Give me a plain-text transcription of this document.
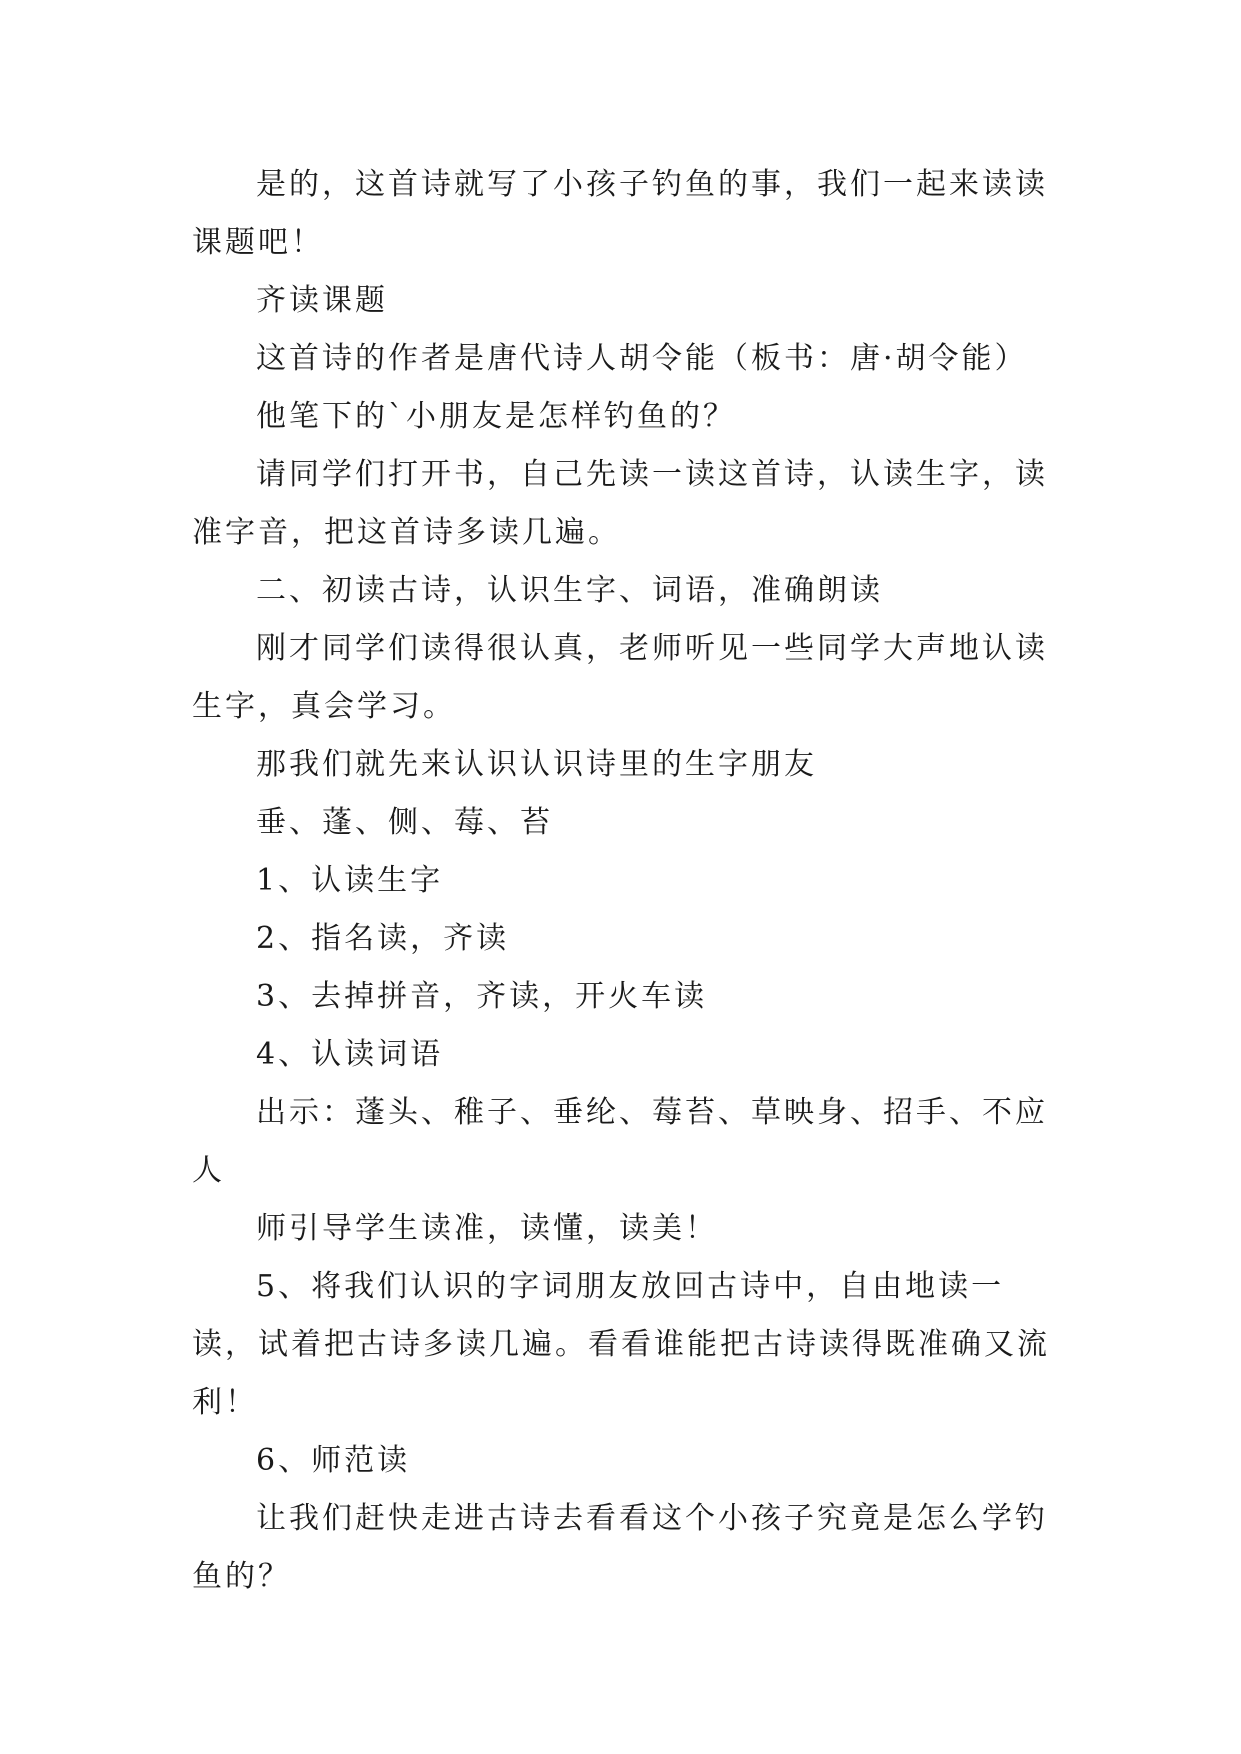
是的，这首诗就写了小孩子钓鱼的事，我们一起来读读课题吧！

齐读课题

这首诗的作者是唐代诗人胡令能（板书：唐·胡令能）

他笔下的`小朋友是怎样钓鱼的？

请同学们打开书，自己先读一读这首诗，认读生字，读准字音，把这首诗多读几遍。

二、初读古诗，认识生字、词语，准确朗读

刚才同学们读得很认真，老师听见一些同学大声地认读生字，真会学习。

那我们就先来认识认识诗里的生字朋友

垂、蓬、侧、莓、苔

1、认读生字

2、指名读，齐读

3、去掉拼音，齐读，开火车读

4、认读词语

出示：蓬头、稚子、垂纶、莓苔、草映身、招手、不应人

师引导学生读准，读懂，读美！

5、将我们认识的字词朋友放回古诗中，自由地读一读，试着把古诗多读几遍。看看谁能把古诗读得既准确又流利！

6、师范读

让我们赶快走进古诗去看看这个小孩子究竟是怎么学钓鱼的？
